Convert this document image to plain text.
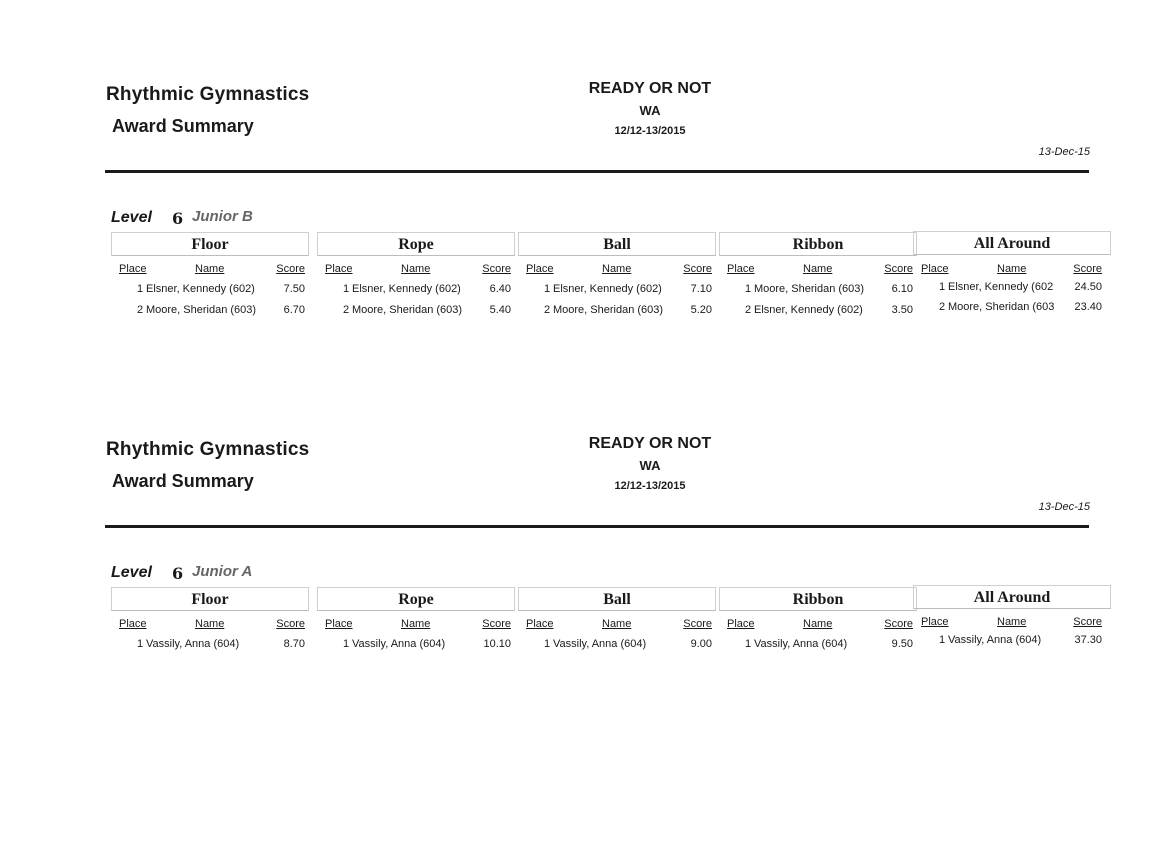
Rhythmic Gymnastics
Award Summary
READY OR NOT
WA
12/12-13/2015
13-Dec-15
Level 6 Junior B
Floor
Place	Name	Score
1 Elsner, Kennedy (602)	7.50
2 Moore, Sheridan (603)	6.70
Rope
Place	Name	Score
1 Elsner, Kennedy (602)	6.40
2 Moore, Sheridan (603)	5.40
Ball
Place	Name	Score
1 Elsner, Kennedy (602)	7.10
2 Moore, Sheridan (603)	5.20
Ribbon
Place	Name	Score
1 Moore, Sheridan (603)	6.10
2 Elsner, Kennedy (602)	3.50
All Around
Place	Name	Score
1 Elsner, Kennedy (602 24.50
2 Moore, Sheridan (603 23.40
Rhythmic Gymnastics
Award Summary
READY OR NOT
WA
12/12-13/2015
13-Dec-15
Level 6 Junior A
Floor
Place	Name	Score
1 Vassily, Anna (604)	8.70
Rope
Place	Name	Score
1 Vassily, Anna (604)	10.10
Ball
Place	Name	Score
1 Vassily, Anna (604)	9.00
Ribbon
Place	Name	Score
1 Vassily, Anna (604)	9.50
All Around
Place	Name	Score
1 Vassily, Anna (604)	37.30
